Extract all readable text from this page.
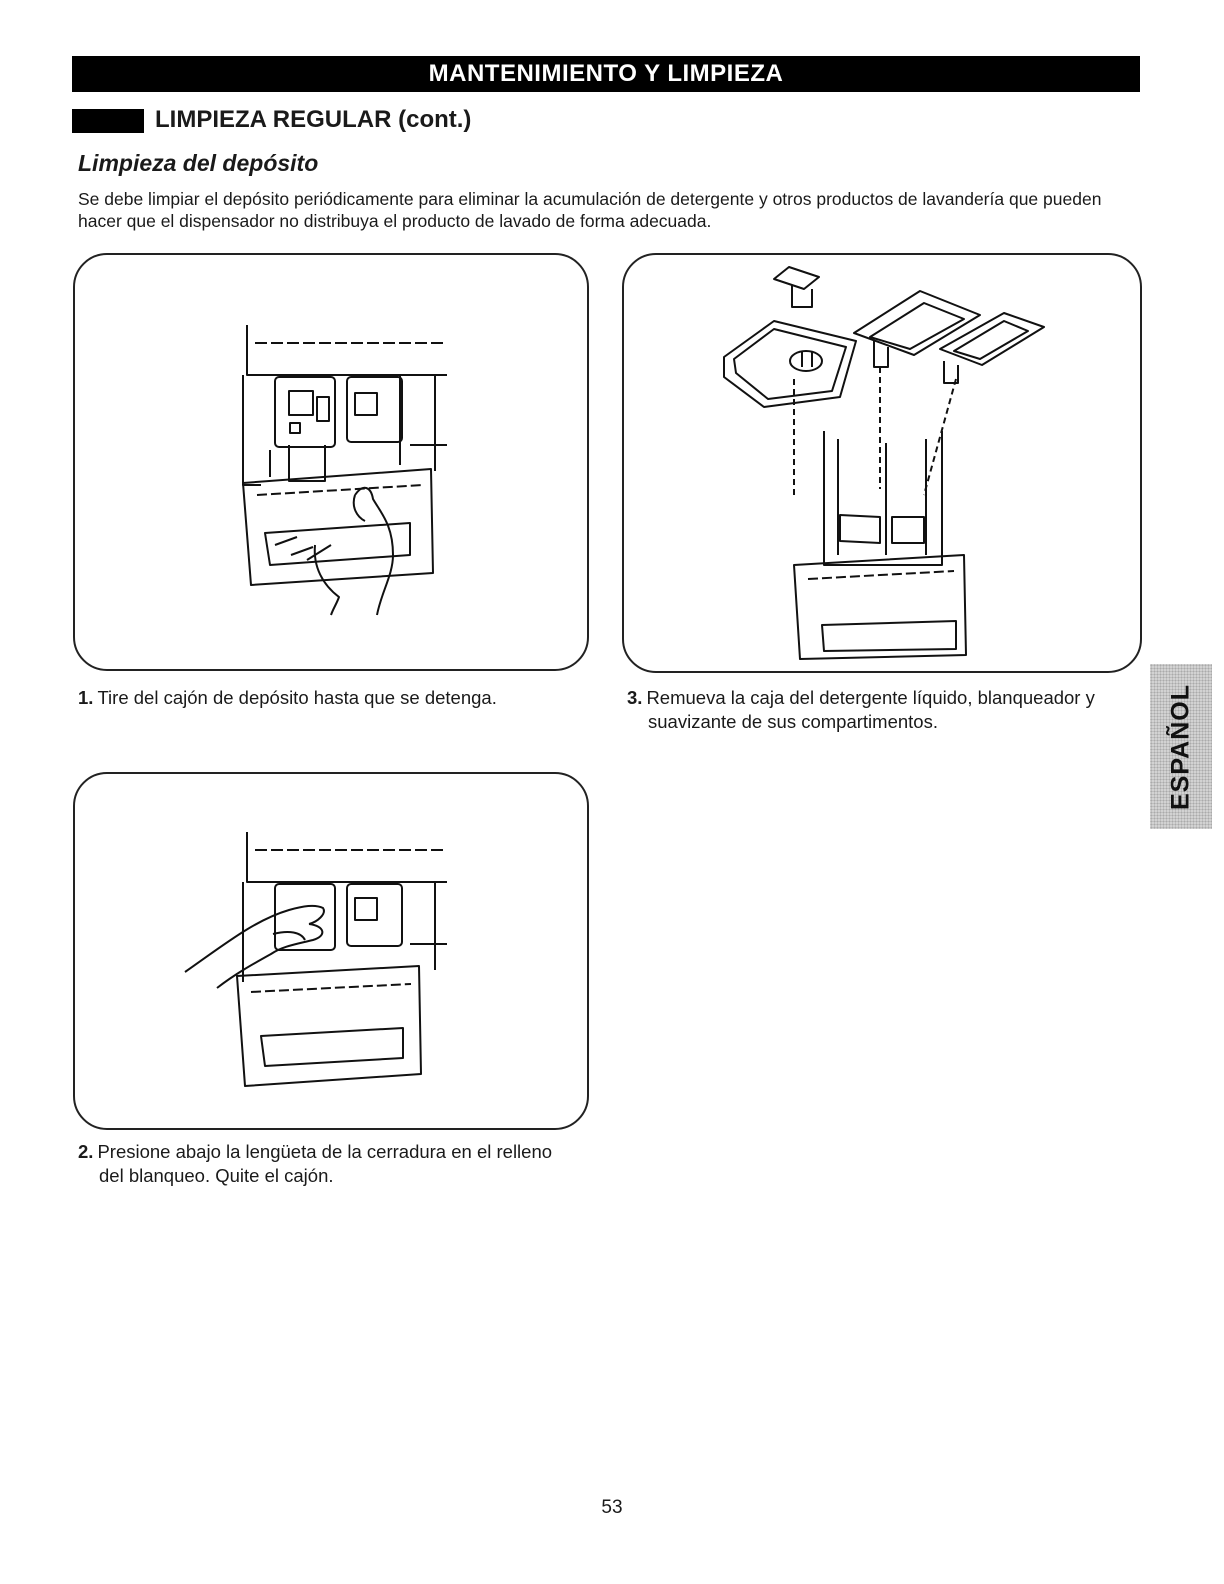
MANTENIMIENTO Y LIMPIEZA
LIMPIEZA REGULAR (cont.)
Limpieza del depósito
Se debe limpiar el depósito periódicamente para eliminar la acumulación de detergente y otros productos de lavandería que pueden hacer que el dispensador no distribuya el producto de lavado de forma adecuada.
1. Tire del cajón de depósito hasta que se detenga.	3. Remueva la caja del detergente líquido, blanqueador y
suavizante de sus compartimentos.
2. Presione abajo la lengüeta de la cerradura en el relleno
del blanqueo. Quite el cajón.
ESPAÑOL
53
